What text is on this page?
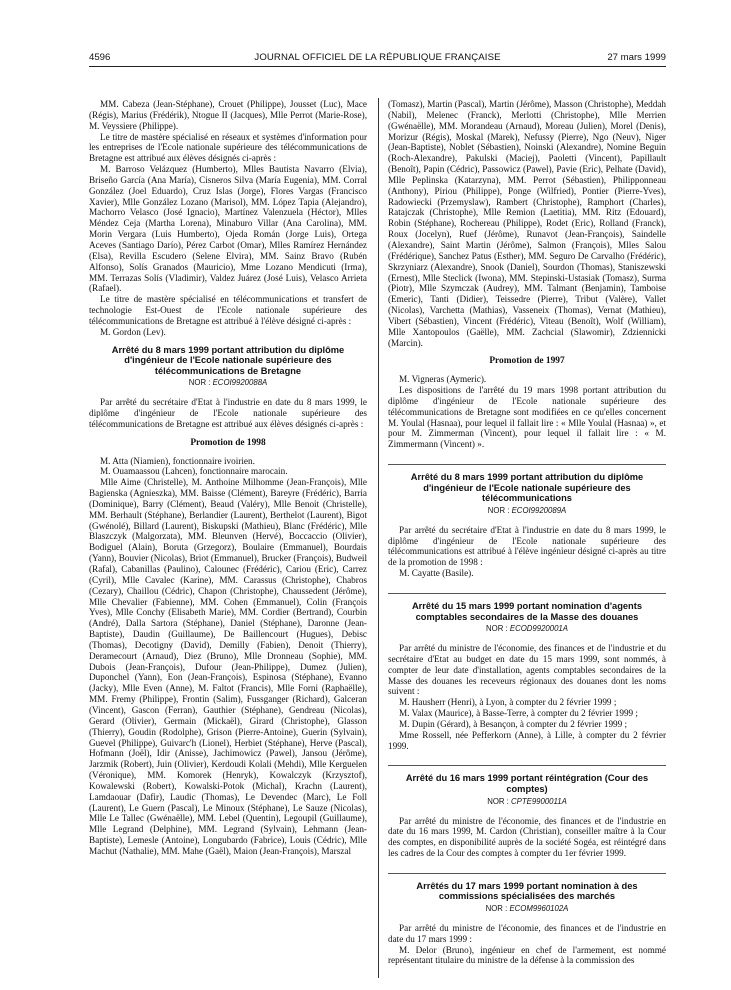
4596	JOURNAL OFFICIEL DE LA RÉPUBLIQUE FRANÇAISE	27 mars 1999

MM. Cabeza (Jean-Stéphane), Crouet (Philippe), Jousset (Luc), Mace (Régis), Marius (Frédérik), Ntogue II (Jacques), Mlle Perrot (Marie-Rose), M. Veyssiere (Philippe).

Le titre de mastère spécialisé en réseaux et systèmes d'information pour les entreprises de l'Ecole nationale supérieure des télécommunications de Bretagne est attribué aux élèves désignés ci-après :

M. Barroso Velázquez (Humberto), Mlles Bautista Navarro (Elvia), Briseño García (Ana María), Cisneros Silva (María Eugenia), MM. Corral González (Joel Eduardo), Cruz Islas (Jorge), Flores Vargas (Francisco Xavier), Mlle González Lozano (Marisol), MM. López Tapia (Alejandro), Machorro Velasco (José Ignacio), Martínez Valenzuela (Héctor), Mlles Méndez Ceja (Martha Lorena), Minaburo Villar (Ana Carolina), MM. Morin Vergara (Luis Humberto), Ojeda Román (Jorge Luis), Ortega Aceves (Santiago Darío), Pérez Carbot (Omar), Mlles Ramírez Hernández (Elsa), Revilla Escudero (Selene Elvira), MM. Sainz Bravo (Rubén Alfonso), Solís Granados (Mauricio), Mme Lozano Mendicuti (Irma), MM. Terrazas Solís (Vladimir), Valdez Juárez (José Luis), Velasco Arrieta (Rafael).

Le titre de mastère spécialisé en télécommunications et transfert de technologie Est-Ouest de l'Ecole nationale supérieure des télécommunications de Bretagne est attribué à l'élève désigné ci-après :

M. Gordon (Lev).

Arrêté du 8 mars 1999 portant attribution du diplôme d'ingénieur de l'Ecole nationale supérieure des télécommunications de Bretagne
NOR : ECOI9920088A

Par arrêté du secrétaire d'Etat à l'industrie en date du 8 mars 1999, le diplôme d'ingénieur de l'Ecole nationale supérieure des télécommunications de Bretagne est attribué aux élèves désignés ci-après :

Promotion de 1998

M. Atta (Niamien), fonctionnaire ivoirien.

M. Ouamaassou (Lahcen), fonctionnaire marocain.

Mlle Aime (Christelle), M. Anthoine Milhomme (Jean-François), Mlle Bagienska (Agnieszka), MM. Baisse (Clément), Bareyre (Frédéric), Barria (Dominique), Barry (Clément), Beaud (Valéry), Mlle Benoit (Christelle), MM. Berhault (Stéphane), Berlandier (Laurent), Berthelot (Laurent), Bigot (Gwénolé), Billard (Laurent), Biskupski (Mathieu), Blanc (Frédéric), Mlle Blaszczyk (Malgorzata), MM. Bleunven (Hervé), Boccaccio (Olivier), Bodiguel (Alain), Boruta (Grzegorz), Boulaire (Emmanuel), Bourdais (Yann), Bouvier (Nicolas), Briot (Emmanuel), Brucker (François), Budweil (Rafal), Cabanillas (Paulino), Calounec (Frédéric), Cariou (Eric), Carrez (Cyril), Mlle Cavalec (Karine), MM. Carassus (Christophe), Chabros (Cezary), Chaillou (Cédric), Chapon (Christophe), Chaussedent (Jérôme), Mlle Chevalier (Fabienne), MM. Cohen (Emmanuel), Colin (François Yves), Mlle Conchy (Elisabeth Marie), MM. Cordier (Bertrand), Courbin (André), Dalla Sartora (Stéphane), Daniel (Stéphane), Daronne (Jean-Baptiste), Daudin (Guillaume), De Baillencourt (Hugues), Debisc (Thomas), Decotigny (David), Demilly (Fabien), Denoit (Thierry), Deramecourt (Arnaud), Diez (Bruno), Mlle Dronneau (Sophie), MM. Dubois (Jean-François), Dufour (Jean-Philippe), Dumez (Julien), Duponchel (Yann), Eon (Jean-François), Espinosa (Stéphane), Evanno (Jacky), Mlle Even (Anne), M. Faltot (Francis), Mlle Forni (Raphaëlle), MM. Fremy (Philippe), Frontin (Salim), Fussganger (Richard), Galceran (Vincent), Gascon (Ferran), Gauthier (Stéphane), Gendreau (Nicolas), Gerard (Olivier), Germain (Mickaël), Girard (Christophe), Glasson (Thierry), Goudin (Rodolphe), Grison (Pierre-Antoine), Guerin (Sylvain), Guevel (Philippe), Guivarc'h (Lionel), Herbiet (Stéphane), Herve (Pascal), Hofmann (Joël), Idir (Anisse), Jachimowicz (Pawel), Jansou (Jérôme), Jarzmik (Robert), Juin (Olivier), Kerdoudi Kolali (Mehdi), Mlle Kerguelen (Véronique), MM. Komorek (Henryk), Kowalczyk (Krzysztof), Kowalewski (Robert), Kowalski-Potok (Michal), Krachn (Laurent), Lamdaouar (Dafir), Laudic (Thomas), Le Devendec (Marc), Le Foll (Laurent), Le Guern (Pascal), Le Minoux (Stéphane), Le Sauze (Nicolas), Mlle Le Tallec (Gwénaëlle), MM. Lebel (Quentin), Legoupil (Guillaume), Mlle Legrand (Delphine), MM. Legrand (Sylvain), Lehmann (Jean-Baptiste), Lemesle (Antoine), Longubardo (Fabrice), Louis (Cédric), Mlle Machut (Nathalie), MM. Mahe (Gaël), Maion (Jean-François), Marszal

(Tomasz), Martin (Pascal), Martin (Jérôme), Masson (Christophe), Meddah (Nabil), Melenec (Franck), Merlotti (Christophe), Mlle Merrien (Gwénaëlle), MM. Morandeau (Arnaud), Moreau (Julien), Morel (Denis), Morizur (Régis), Moskal (Marek), Nefussy (Pierre), Ngo (Neuv), Niger (Jean-Baptiste), Noblet (Sébastien), Noinski (Alexandre), Nomine Beguin (Roch-Alexandre), Pakulski (Maciej), Paoletti (Vincent), Papillault (Benoît), Papin (Cédric), Passowicz (Pawel), Pavie (Eric), Pelhate (David), Mlle Peplinska (Katarzyna), MM. Perrot (Sébastien), Philipponneau (Anthony), Piriou (Philippe), Ponge (Wilfried), Pontier (Pierre-Yves), Radowiecki (Przemyslaw), Rambert (Christophe), Ramphort (Charles), Ratajczak (Christophe), Mlle Remion (Laetitia), MM. Ritz (Edouard), Robin (Stéphane), Rochereau (Philippe), Rodet (Eric), Rolland (Franck), Roux (Jocelyn), Ruef (Jérôme), Runavot (Jean-François), Saindelle (Alexandre), Saint Martin (Jérôme), Salmon (François), Mlles Salou (Frédérique), Sanchez Patus (Esther), MM. Seguro De Carvalho (Frédéric), Skrzyniarz (Alexandre), Snook (Daniel), Sourdon (Thomas), Staniszewski (Ernest), Mlle Steclick (Iwona), MM. Stepinski-Ustasiak (Tomasz), Surma (Piotr), Mlle Szymczak (Audrey), MM. Talmant (Benjamin), Tamboise (Emeric), Tanti (Didier), Teissedre (Pierre), Tribut (Valère), Vallet (Nicolas), Varchetta (Mathias), Vasseneix (Thomas), Vernat (Mathieu), Vibert (Sébastien), Vincent (Frédéric), Viteau (Benoît), Wolf (William), Mlle Xantopoulos (Gaëlle), MM. Zachcial (Slawomir), Zdziennicki (Marcin).

Promotion de 1997

M. Vigneras (Aymeric).

Les dispositions de l'arrêté du 19 mars 1998 portant attribution du diplôme d'ingénieur de l'Ecole nationale supérieure des télécommunications de Bretagne sont modifiées en ce qu'elles concernent M. Youlal (Hasnaa), pour lequel il fallait lire : « Mlle Youlal (Hasnaa) », et pour M. Zimmerman (Vincent), pour lequel il fallait lire : « M. Zimmermann (Vincent) ».

Arrêté du 8 mars 1999 portant attribution du diplôme d'ingénieur de l'Ecole nationale supérieure des télécommunications
NOR : ECOI9920089A

Par arrêté du secrétaire d'Etat à l'industrie en date du 8 mars 1999, le diplôme d'ingénieur de l'Ecole nationale supérieure des télécommunications est attribué à l'élève ingénieur désigné ci-après au titre de la promotion de 1998 :

M. Cayatte (Basile).

Arrêté du 15 mars 1999 portant nomination d'agents comptables secondaires de la Masse des douanes
NOR : ECOD9920001A

Par arrêté du ministre de l'économie, des finances et de l'industrie et du secrétaire d'Etat au budget en date du 15 mars 1999, sont nommés, à compter de leur date d'installation, agents comptables secondaires de la Masse des douanes les receveurs régionaux des douanes dont les noms suivent :

M. Hausherr (Henri), à Lyon, à compter du 2 février 1999 ;

M. Valax (Maurice), à Basse-Terre, à compter du 2 février 1999 ;

M. Dupin (Gérard), à Besançon, à compter du 2 février 1999 ;

Mme Rossell, née Pefferkorn (Anne), à Lille, à compter du 2 février 1999.

Arrêté du 16 mars 1999 portant réintégration (Cour des comptes)
NOR : CPTE9900011A

Par arrêté du ministre de l'économie, des finances et de l'industrie en date du 16 mars 1999, M. Cardon (Christian), conseiller maître à la Cour des comptes, en disponibilité auprès de la société Sogéa, est réintégré dans les cadres de la Cour des comptes à compter du 1er février 1999.

Arrêtés du 17 mars 1999 portant nomination à des commissions spécialisées des marchés
NOR : ECOM9960102A

Par arrêté du ministre de l'économie, des finances et de l'industrie en date du 17 mars 1999 :

M. Delor (Bruno), ingénieur en chef de l'armement, est nommé représentant titulaire du ministre de la défense à la commission des
